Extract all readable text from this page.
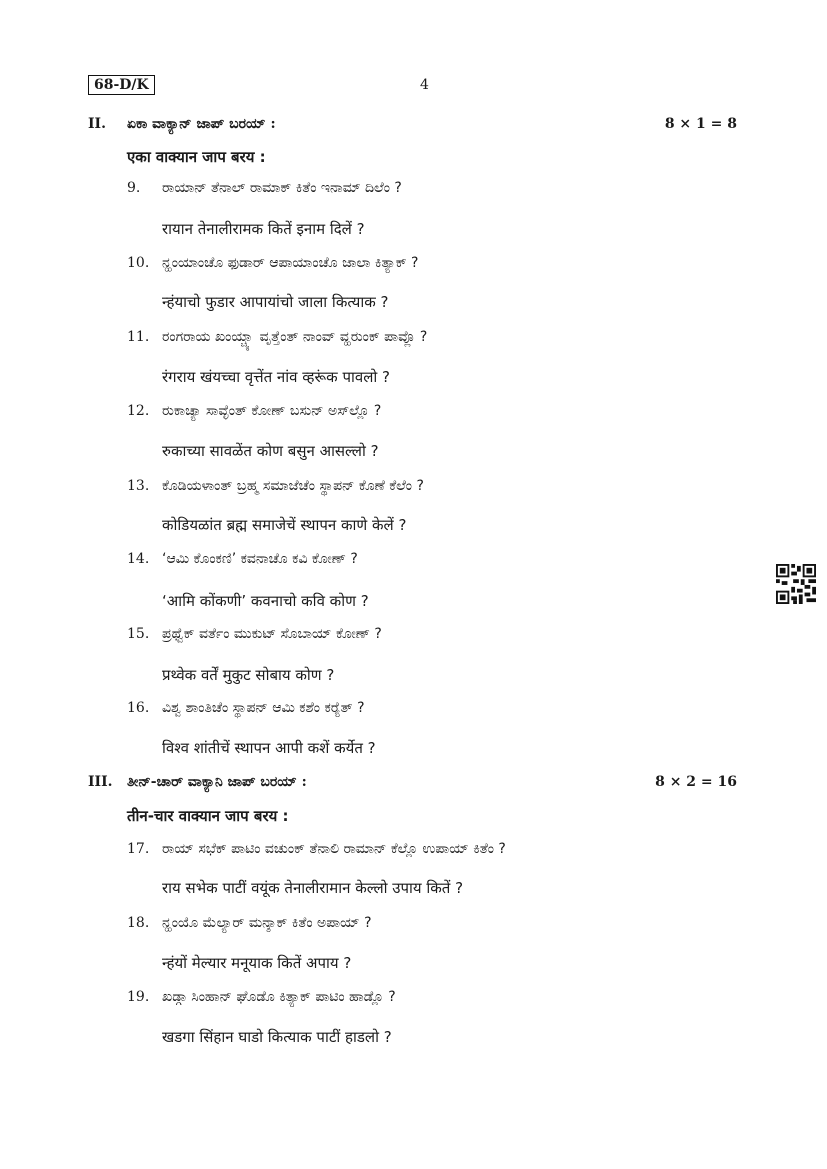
68-D/K	4
II. ಏಕಾ ವಾಕ್ಯಾನ್ ಜಾಪ್ ಬರಯ್ :	8 × 1 = 8
एका वाक्यान जाप बरय :
9. ರಾಯಾನ್ ತೆನಾಲ್ ರಾಮಾಕ್ ಕಿತೆಂ ಇನಾಮ್ ದಿಲೆಂ ?
रायान तेनालीरामक कितें इनाम दिलें ?
10. ನ್ಹಂಯಾಂಚೊ ಫುಡಾರ್ ಆಪಾಯಾಂಚೊ ಜಾಲಾ ಕಿತ್ಯಾಕ್ ?
न्हंयाचो फुडार आपायांचो जाला कित्याक ?
11. ರಂಗರಾಯ ಖಂಯ್ಚ್ಯಾ ವೃತ್ತೆಂತ್ ನಾಂವ್ ವ್ಹರುಂಕ್ ಪಾವ್ಲೊ ?
रंगराय खंयच्चा वृत्तेंत नांव व्हरूंक पावलो ?
12. ರುಕಾಚ್ಯಾ ಸಾವ್ಳೆಂತ್ ಕೋಣ್ ಬಸುನ್ ಅಸ್‌ಲ್ಲೊ ?
रुकाच्या सावळेंत कोण बसुन आसल्लो ?
13. ಕೊಡಿಯಳಾಂತ್ ಬ್ರಹ್ಮ ಸಮಾಜೆಚೆಂ ಸ್ಥಾಪನ್ ಕೊಣೆ ಕೆಲೆಂ ?
कोडियळांत ब्रह्म समाजेचें स्थापन काणे केलें ?
14. ‘ಆಮಿ ಕೊಂಕಣಿ’ ಕವನಾಚೊ ಕವಿ ಕೋಣ್ ?
‘आमि कोंकणी’ कवनाचो कवि कोण ?
15. ಪ್ರಥ್ವೆಕ್ ವರ್ತೆಂ ಮುಕುಟ್ ಸೊಬಾಯ್ ಕೋಣ್ ?
प्रथ्वेक वर्तें मुकुट सोबाय कोण ?
16. ವಿಶ್ವ ಶಾಂತಿಚೆಂ ಸ್ಥಾಪನ್ ಆಮಿ ಕಶೆಂ ಕರ್‍ಯೆತ್ ?
विश्व शांतीचें स्थापन आपी कशें कर्येत ?
III. ತೀನ್-ಚಾರ್ ವಾಕ್ಯಾನಿ ಜಾಪ್ ಬರಯ್ :	8 × 2 = 16
तीन-चार वाक्यान जाप बरय :
17. ರಾಯ್ ಸಭೆಕ್ ಪಾಟಿಂ ವಚುಂಕ್ ತೆನಾಲಿ ರಾಮಾನ್ ಕೆಲ್ಲೊ ಉಪಾಯ್ ಕಿತೆಂ ?
राय सभेक पाटीं वयूंक तेनालीरामान केल्लो उपाय कितें ?
18. ನ್ಹಂಯೊ ಮೆಲ್ಯಾರ್ ಮನ್ಶಾಕ್ ಕಿತೆಂ ಅಪಾಯ್ ?
न्हंयों मेल्यार मनूयाक कितें अपाय ?
19. ಖಡ್ಗಾ ಸಿಂಹಾನ್ ಘೊಡೊ ಕಿತ್ಯಾಕ್ ಪಾಟಿಂ ಹಾಡ್ಲೊ ?
खडगा सिंहान घाडो कित्याक पाटीं हाडलो ?
